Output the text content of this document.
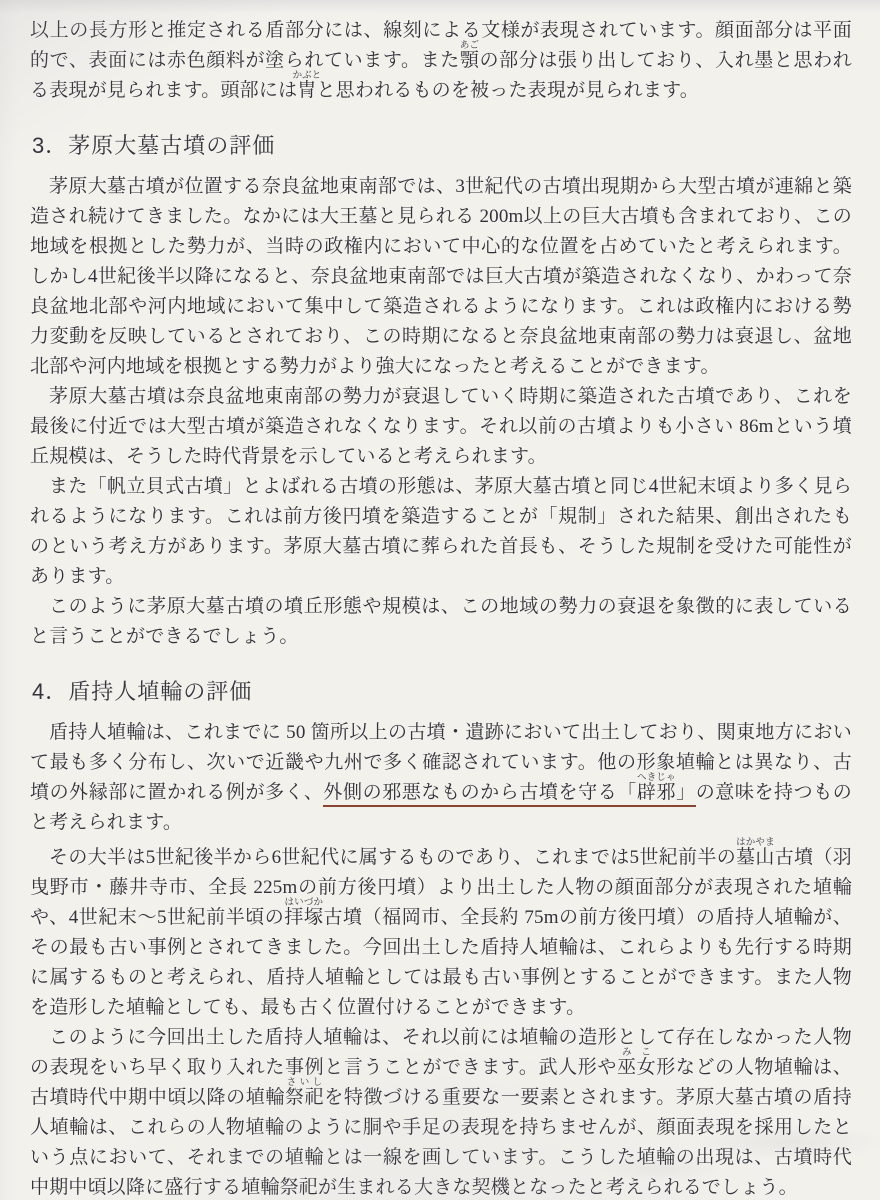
以上の長方形と推定される盾部分には、線刻による文様が表現されています。顔面部分は平面的で、表面には赤色顔料が塗られています。また顎あごの部分は張り出しており、入れ墨と思われる表現が見られます。頭部には冑かぶとと思われるものを被った表現が見られます。

3．茅原大墓古墳の評価

茅原大墓古墳が位置する奈良盆地東南部では、3世紀代の古墳出現期から大型古墳が連綿と築造され続けてきました。なかには大王墓と見られる 200m以上の巨大古墳も含まれており、この地域を根拠とした勢力が、当時の政権内において中心的な位置を占めていたと考えられます。しかし4世紀後半以降になると、奈良盆地東南部では巨大古墳が築造されなくなり、かわって奈良盆地北部や河内地域において集中して築造されるようになります。これは政権内における勢力変動を反映しているとされており、この時期になると奈良盆地東南部の勢力は衰退し、盆地北部や河内地域を根拠とする勢力がより強大になったと考えることができます。

茅原大墓古墳は奈良盆地東南部の勢力が衰退していく時期に築造された古墳であり、これを最後に付近では大型古墳が築造されなくなります。それ以前の古墳よりも小さい 86mという墳丘規模は、そうした時代背景を示していると考えられます。

また「帆立貝式古墳」とよばれる古墳の形態は、茅原大墓古墳と同じ4世紀末頃より多く見られるようになります。これは前方後円墳を築造することが「規制」された結果、創出されたものという考え方があります。茅原大墓古墳に葬られた首長も、そうした規制を受けた可能性があります。

このように茅原大墓古墳の墳丘形態や規模は、この地域の勢力の衰退を象徴的に表していると言うことができるでしょう。

4．盾持人埴輪の評価

盾持人埴輪は、これまでに 50 箇所以上の古墳・遺跡において出土しており、関東地方において最も多く分布し、次いで近畿や九州で多く確認されています。他の形象埴輪とは異なり、古墳の外縁部に置かれる例が多く、外側の邪悪なものから古墳を守る「辟邪へきじゃ」の意味を持つものと考えられます。

その大半は5世紀後半から6世紀代に属するものであり、これまでは5世紀前半の墓山はかやま古墳（羽曳野市・藤井寺市、全長 225mの前方後円墳）より出土した人物の顔面部分が表現された埴輪や、4世紀末～5世紀前半頃の拝塚はいづか古墳（福岡市、全長約 75mの前方後円墳）の盾持人埴輪が、その最も古い事例とされてきました。今回出土した盾持人埴輪は、これらよりも先行する時期に属するものと考えられ、盾持人埴輪としては最も古い事例とすることができます。また人物を造形した埴輪としても、最も古く位置付けることができます。

このように今回出土した盾持人埴輪は、それ以前には埴輪の造形として存在しなかった人物の表現をいち早く取り入れた事例と言うことができます。武人形や巫女みこ形などの人物埴輪は、古墳時代中期中頃以降の埴輪祭祀さいしを特徴づける重要な一要素とされます。茅原大墓古墳の盾持人埴輪は、これらの人物埴輪のように胴や手足の表現を持ちませんが、顔面表現を採用したという点において、それまでの埴輪とは一線を画しています。こうした埴輪の出現は、古墳時代中期中頃以降に盛行する埴輪祭祀が生まれる大きな契機となったと考えられるでしょう。
